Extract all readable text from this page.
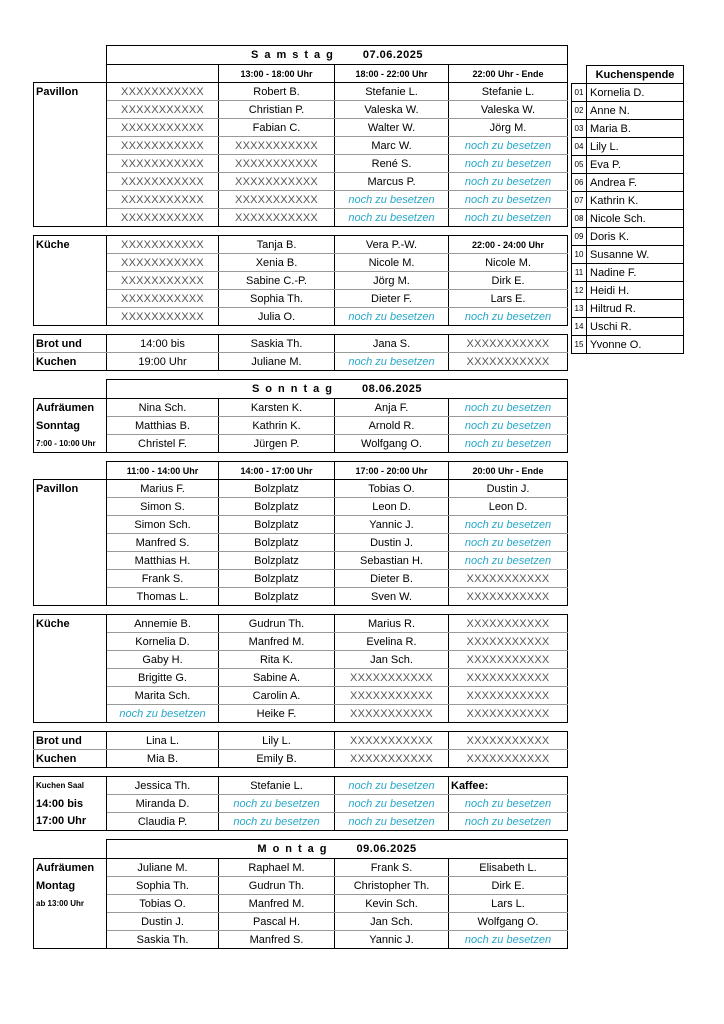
	Samstag 07.06.2025			
		13:00 - 18:00 Uhr	18:00 - 22:00 Uhr	22:00 Uhr - Ende
Pavillon	XXXXXXXXXXX	Robert B.	Stefanie L.	Stefanie L.
	XXXXXXXXXXX	Christian P.	Valeska W.	Valeska W.
	XXXXXXXXXXX	Fabian C.	Walter W.	Jörg M.
	XXXXXXXXXXX	XXXXXXXXXXX	Marc W.	noch zu besetzen
	XXXXXXXXXXX	XXXXXXXXXXX	René S.	noch zu besetzen
	XXXXXXXXXXX	XXXXXXXXXXX	Marcus P.	noch zu besetzen
	XXXXXXXXXXX	XXXXXXXXXXX	noch zu besetzen	noch zu besetzen
	XXXXXXXXXXX	XXXXXXXXXXX	noch zu besetzen	noch zu besetzen

Küche	XXXXXXXXXXX	Tanja B.	Vera P.-W.	22:00 - 24:00 Uhr
	XXXXXXXXXXX	Xenia B.	Nicole M.	Nicole M.
	XXXXXXXXXXX	Sabine C.-P.	Jörg M.	Dirk E.
	XXXXXXXXXXX	Sophia Th.	Dieter F.	Lars E.
	XXXXXXXXXXX	Julia O.	noch zu besetzen	noch zu besetzen

Brot und	14:00 bis	Saskia Th.	Jana S.	XXXXXXXXXXX
Kuchen	19:00 Uhr	Juliane M.	noch zu besetzen	XXXXXXXXXXX

	Sonntag 08.06.2025			
Aufräumen	Nina Sch.	Karsten K.	Anja F.	noch zu besetzen
Sonntag	Matthias B.	Kathrin K.	Arnold R.	noch zu besetzen
7:00 - 10:00 Uhr	Christel F.	Jürgen P.	Wolfgang O.	noch zu besetzen

	11:00 - 14:00 Uhr	14:00 - 17:00 Uhr	17:00 - 20:00 Uhr	20:00 Uhr - Ende
Pavillon	Marius F.	Bolzplatz	Tobias O.	Dustin J.
	Simon S.	Bolzplatz	Leon D.	Leon D.
	Simon Sch.	Bolzplatz	Yannic J.	noch zu besetzen
	Manfred S.	Bolzplatz	Dustin J.	noch zu besetzen
	Matthias H.	Bolzplatz	Sebastian H.	noch zu besetzen
	Frank S.	Bolzplatz	Dieter B.	XXXXXXXXXXX
	Thomas L.	Bolzplatz	Sven W.	XXXXXXXXXXX

Küche	Annemie B.	Gudrun Th.	Marius R.	XXXXXXXXXXX
	Kornelia D.	Manfred M.	Evelina R.	XXXXXXXXXXX
	Gaby H.	Rita K.	Jan Sch.	XXXXXXXXXXX
	Brigitte G.	Sabine A.	XXXXXXXXXXX	XXXXXXXXXXX
	Marita Sch.	Carolin A.	XXXXXXXXXXX	XXXXXXXXXXX
	noch zu besetzen	Heike F.	XXXXXXXXXXX	XXXXXXXXXXX

Brot und	Lina L.	Lily L.	XXXXXXXXXXX	XXXXXXXXXXX
Kuchen	Mia B.	Emily B.	XXXXXXXXXXX	XXXXXXXXXXX

Kuchen Saal	Jessica Th.	Stefanie L.	noch zu besetzen	Kaffee:
14:00 bis	Miranda D.	noch zu besetzen	noch zu besetzen	noch zu besetzen
17:00 Uhr	Claudia P.	noch zu besetzen	noch zu besetzen	noch zu besetzen

	Montag 09.06.2025			
Aufräumen	Juliane M.	Raphael M.	Frank S.	Elisabeth L.
Montag	Sophia Th.	Gudrun Th.	Christopher Th.	Dirk E.
ab 13:00 Uhr	Tobias O.	Manfred M.	Kevin Sch.	Lars L.
	Dustin J.	Pascal H.	Jan Sch.	Wolfgang O.
	Saskia Th.	Manfred S.	Yannic J.	noch zu besetzen
	Kuchenspende
01	Kornelia D.
02	Anne N.
03	Maria B.
04	Lily L.
05	Eva P.
06	Andrea F.
07	Kathrin K.
08	Nicole Sch.
09	Doris K.
10	Susanne W.
11	Nadine F.
12	Heidi H.
13	Hiltrud R.
14	Uschi R.
15	Yvonne O.
